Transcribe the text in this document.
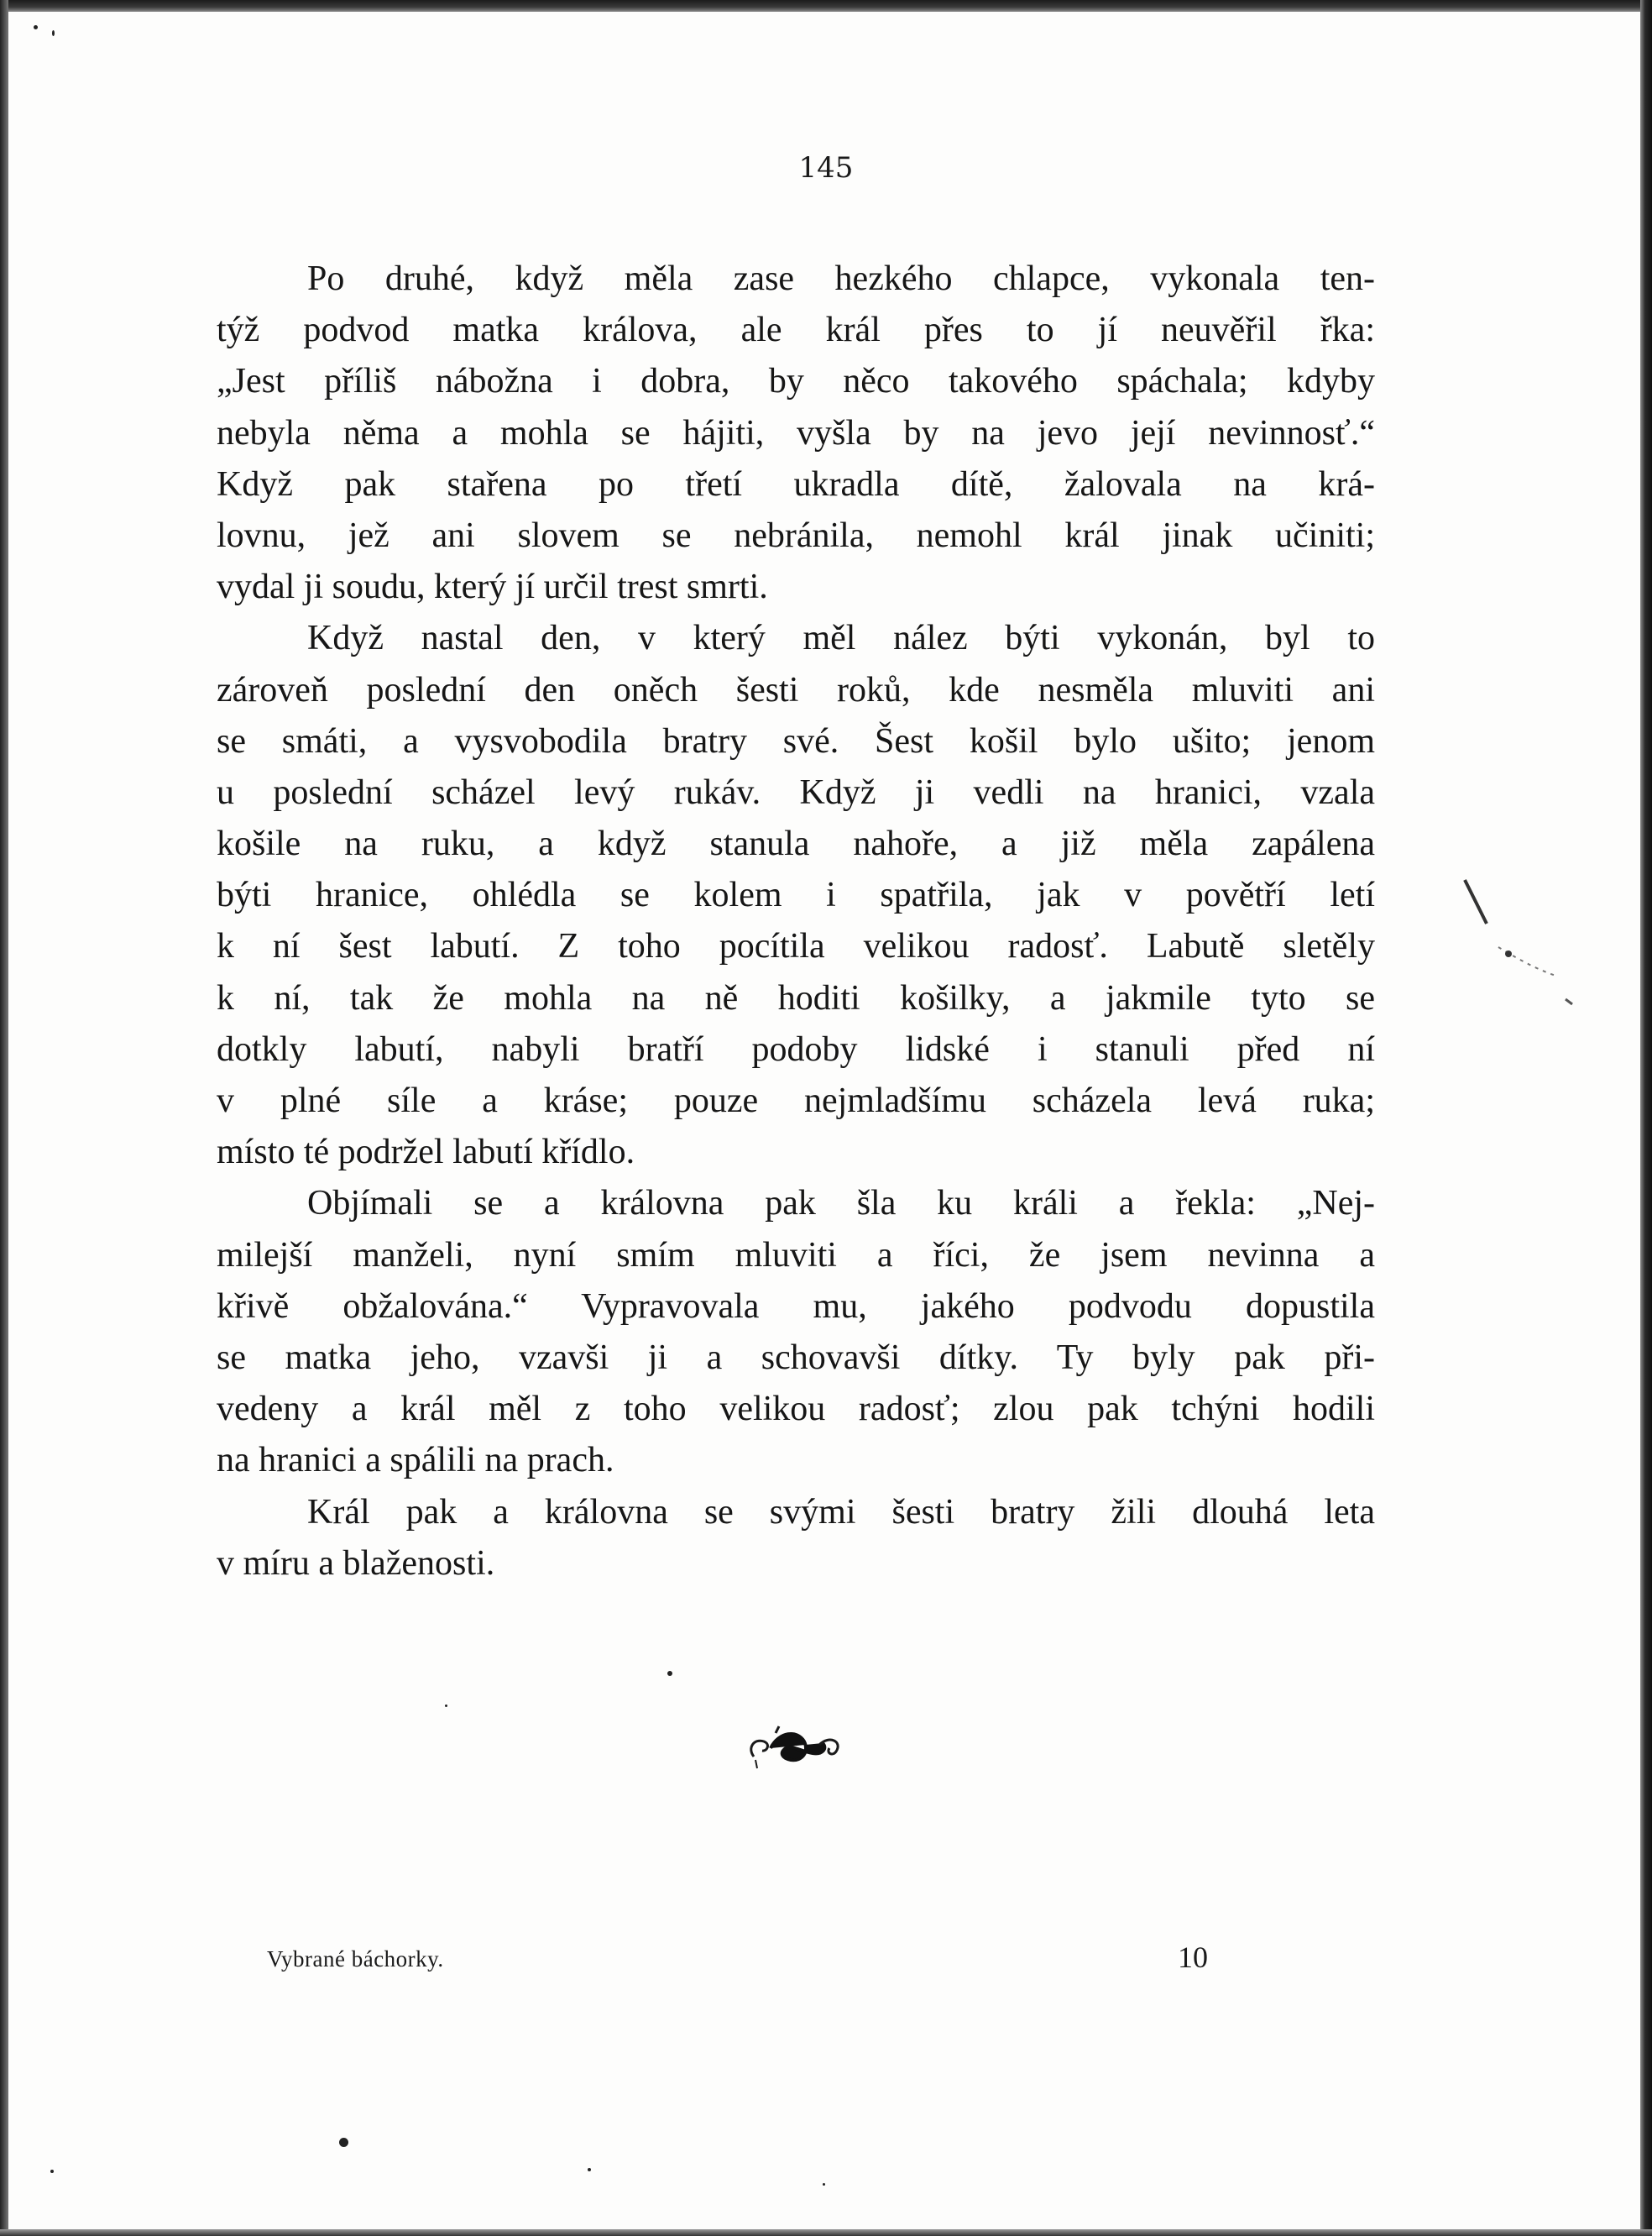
145
Po druhé, když měla zase hezkého chlapce, vykonala ten-
týž podvod matka králova, ale král přes to jí neuvěřil řka:
„Jest příliš nábožna i dobra, by něco takového spáchala; kdyby
nebyla něma a mohla se hájiti, vyšla by na jevo její nevinnosť.“
Když pak stařena po třetí ukradla dítě, žalovala na krá-
lovnu, jež ani slovem se nebránila, nemohl král jinak učiniti;
vydal ji soudu, který jí určil trest smrti.
Když nastal den, v který měl nález býti vykonán, byl to
zároveň poslední den oněch šesti roků, kde nesměla mluviti ani
se smáti, a vysvobodila bratry své. Šest košil bylo ušito; jenom
u poslední scházel levý rukáv. Když ji vedli na hranici, vzala
košile na ruku, a když stanula nahoře, a již měla zapálena
býti hranice, ohlédla se kolem i spatřila, jak v povětří letí
k ní šest labutí. Z toho pocítila velikou radosť. Labutě sletěly
k ní, tak že mohla na ně hoditi košilky, a jakmile tyto se
dotkly labutí, nabyli bratří podoby lidské i stanuli před ní
v plné síle a kráse; pouze nejmladšímu scházela levá ruka;
místo té podržel labutí křídlo.
Objímali se a královna pak šla ku králi a řekla: „Nej-
milejší manželi, nyní smím mluviti a říci, že jsem nevinna a
křivě obžalována.“ Vypravovala mu, jakého podvodu dopustila
se matka jeho, vzavši ji a schovavši dítky. Ty byly pak při-
vedeny a král měl z toho velikou radosť; zlou pak tchýni hodili
na hranici a spálili na prach.
Král pak a královna se svými šesti bratry žili dlouhá leta
v míru a blaženosti.
Vybrané báchorky.	10
